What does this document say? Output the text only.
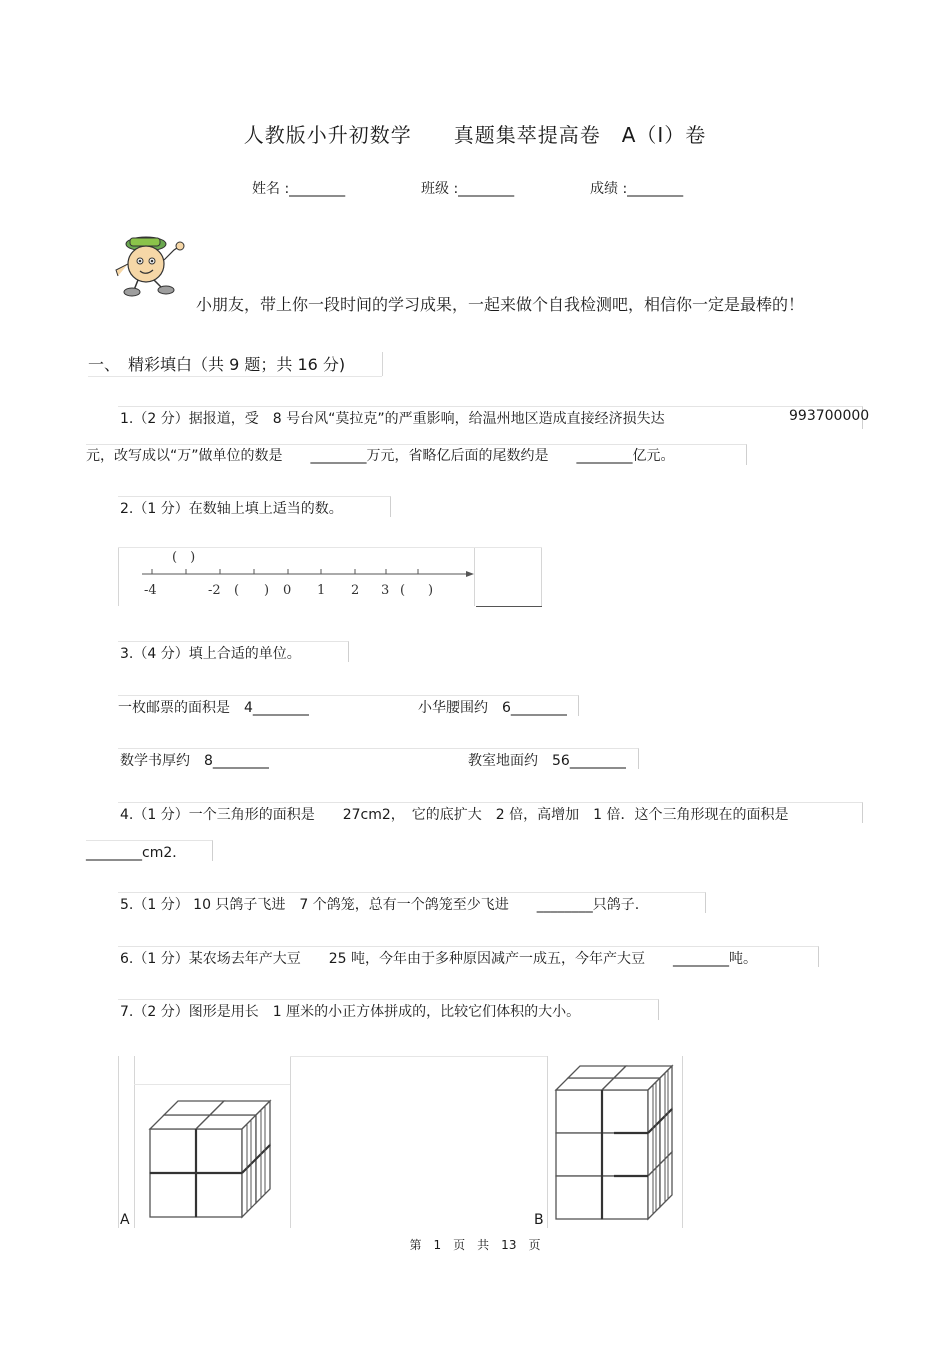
人教版小升初数学　　真题集萃提高卷　A（I）卷
姓名 :________	班级 :________	成绩 :________
小朋友，带上你一段时间的学习成果，一起来做个自我检测吧，相信你一定是最棒的！
一、　精彩填白（共 9 题；共 16 分)
1.（2 分）据报道，受　8 号台风“莫拉克”的严重影响，给温州地区造成直接经济损失达	993700000
元，改写成以“万”做单位的数是　　________万元，省略亿后面的尾数约是　　________亿元。
2.（1 分）在数轴上填上适当的数。
(　)
-4	-2 ( ) 0 1 2 3 ( )
3.（4 分）填上合适的单位。
一枚邮票的面积是　4________	小华腰围约　6________
数学书厚约　8________	教室地面约　56________
4.（1 分）一个三角形的面积是　　27cm2，　它的底扩大　2 倍，高增加　1 倍．这个三角形现在的面积是
________cm2．
5.（1 分） 10 只鸽子飞进　7 个鸽笼，总有一个鸽笼至少飞进　　________只鸽子.
6.（1 分）某农场去年产大豆　　25 吨，今年由于多种原因减产一成五，今年产大豆　　________吨。
7.（2 分）图形是用长　1 厘米的小正方体拼成的，比较它们体积的大小。
A	B
第　1　页　共　13　页
